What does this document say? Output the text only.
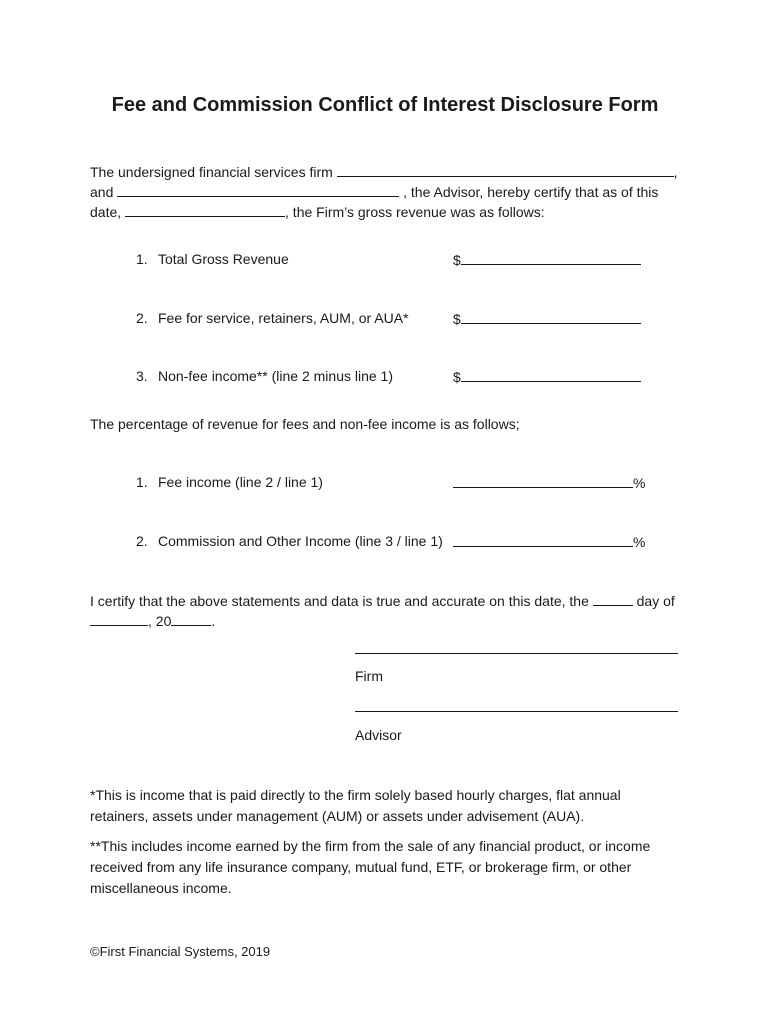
Fee and Commission Conflict of Interest Disclosure Form
The undersigned financial services firm	,
and	, the Advisor, hereby certify that as of this
date,	, the Firm’s gross revenue was as follows:
1. Total Gross Revenue	$
2. Fee for service, retainers, AUM, or AUA*	$
3. Non-fee income** (line 2 minus line 1)	$
The percentage of revenue for fees and non-fee income is as follows;
1. Fee income (line 2 / line 1)	%
2. Commission and Other Income (line 3 / line 1)	%
I certify that the above statements and data is true and accurate on this date, the	day of
, 20	.
Firm
Advisor

*This is income that is paid directly to the firm solely based hourly charges, flat annual retainers, assets under management (AUM) or assets under advisement (AUA).

**This includes income earned by the firm from the sale of any financial product, or income received from any life insurance company, mutual fund, ETF, or brokerage firm, or other miscellaneous income.

©First Financial Systems, 2019
